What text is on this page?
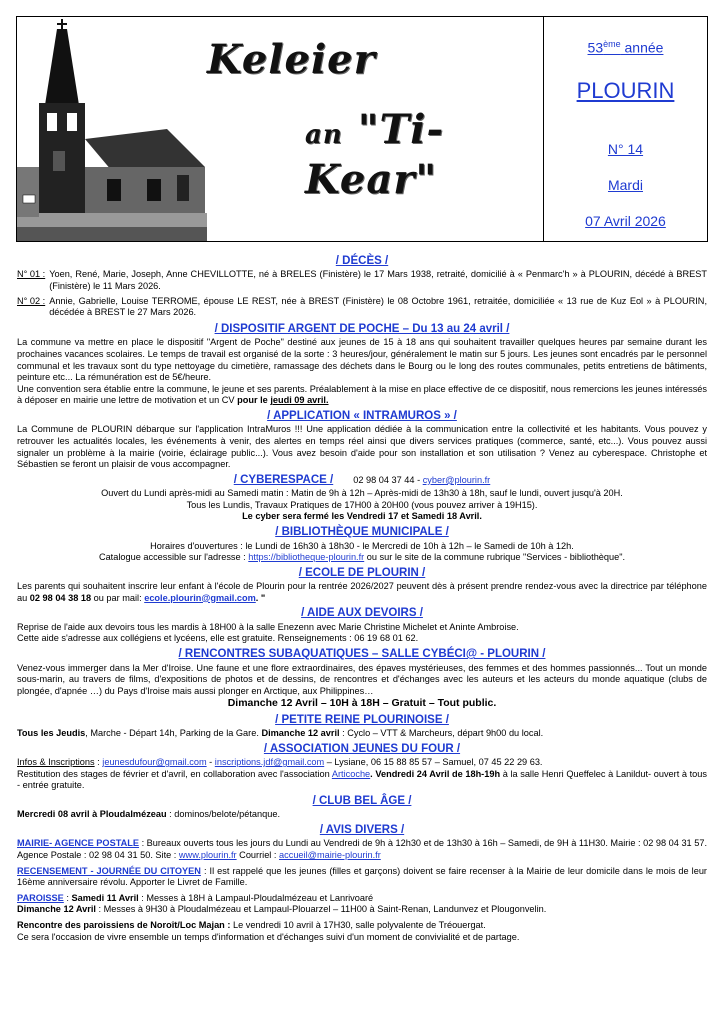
Keleier
an "Ti-Kear"
53ème année
PLOURIN
N° 14
Mardi
07 Avril 2026
/ DÉCÈS /
N° 01 : Yoen, René, Marie, Joseph, Anne CHEVILLOTTE, né à BRELES (Finistère) le 17 Mars 1938, retraité, domicilié à « Penmarc'h » à PLOURIN, décédé à BREST (Finistère) le 11 Mars 2026.
N° 02 : Annie, Gabrielle, Louise TERROME, épouse LE REST, née à BREST (Finistère) le 08 Octobre 1961, retraitée, domiciliée « 13 rue de Kuz Eol » à PLOURIN, décédée à BREST le 27 Mars 2026.
/ DISPOSITIF ARGENT DE POCHE – Du 13 au 24 avril /

La commune va mettre en place le dispositif "Argent de Poche" destiné aux jeunes de 15 à 18 ans qui souhaitent travailler quelques heures par semaine durant les prochaines vacances scolaires. Le temps de travail est organisé de la sorte : 3 heures/jour, généralement le matin sur 5 jours. Les jeunes sont encadrés par le personnel communal et les travaux sont du type nettoyage du cimetière, ramassage des déchets dans le Bourg ou le long des routes communales, petits entretiens de bâtiments, peinture etc... La rémunération est de 5€/heure.

Une convention sera établie entre la commune, le jeune et ses parents. Préalablement à la mise en place effective de ce dispositif, nous remercions les jeunes intéressés à déposer en mairie une lettre de motivation et un CV pour le jeudi 09 avril.

/ APPLICATION « INTRAMUROS » /

La Commune de PLOURIN débarque sur l'application IntraMuros !!! Une application dédiée à la communication entre la collectivité et les habitants. Vous pouvez y retrouver les actualités locales, les événements à venir, des alertes en temps réel ainsi que divers services pratiques (commerce, santé, etc...). Vous pouvez aussi signaler un problème à la mairie (voirie, éclairage public...). Vous avez besoin d'aide pour son installation et son utilisation ? Venez au cyberespace. Christophe et Sébastien se feront un plaisir de vous accompagner.

/ CYBERESPACE / 02 98 04 37 44 - cyber@plourin.fr

Ouvert du Lundi après-midi au Samedi matin : Matin de 9h à 12h – Après-midi de 13h30 à 18h, sauf le lundi, ouvert jusqu'à 20H.

Tous les Lundis, Travaux Pratiques de 17H00 à 20H00 (vous pouvez arriver à 19H15).

Le cyber sera fermé les Vendredi 17 et Samedi 18 Avril.

/ BIBLIOTHÈQUE MUNICIPALE /

Horaires d'ouvertures : le Lundi de 16h30 à 18h30 - le Mercredi de 10h à 12h – le Samedi de 10h à 12h.

Catalogue accessible sur l'adresse : https://bibliotheque-plourin.fr ou sur le site de la commune rubrique "Services - bibliothèque".

/ ECOLE DE PLOURIN /

Les parents qui souhaitent inscrire leur enfant à l'école de Plourin pour la rentrée 2026/2027 peuvent dès à présent prendre rendez-vous avec la directrice par téléphone au 02 98 04 38 18 ou par mail: ecole.plourin@gmail.com. "

/ AIDE AUX DEVOIRS /

Reprise de l'aide aux devoirs tous les mardis à 18H00 à la salle Enezenn avec Marie Christine Michelet et Aninte Ambroise.

Cette aide s'adresse aux collégiens et lycéens, elle est gratuite. Renseignements : 06 19 68 01 62.

/ RENCONTRES SUBAQUATIQUES – SALLE CYBÉCI@ - PLOURIN /

Venez-vous immerger dans la Mer d'Iroise. Une faune et une flore extraordinaires, des épaves mystérieuses, des femmes et des hommes passionnés... Tout un monde sous-marin, au travers de films, d'expositions de photos et de dessins, de rencontres et d'échanges avec les auteurs et les acteurs du monde aquatique (clubs de plongée, d'apnée …) du Pays d'Iroise mais aussi plonger en Arctique, aux Philippines…

Dimanche 12 Avril – 10H à 18H – Gratuit – Tout public.

/ PETITE REINE PLOURINOISE /

Tous les Jeudis, Marche - Départ 14h, Parking de la Gare. Dimanche 12 avril : Cyclo – VTT & Marcheurs, départ 9h00 du local.

/ ASSOCIATION JEUNES DU FOUR /

Infos & Inscriptions : jeunesdufour@gmail.com - inscriptions.jdf@gmail.com – Lysiane, 06 15 88 85 57 – Samuel, 07 45 22 29 63.

Restitution des stages de février et d'avril, en collaboration avec l'association Articoche. Vendredi 24 Avril de 18h-19h à la salle Henri Queffelec à Lanildut- ouvert à tous - entrée gratuite.

/ CLUB BEL ÂGE /

Mercredi 08 avril à Ploudalmézeau : dominos/belote/pétanque.

/ AVIS DIVERS /

MAIRIE- AGENCE POSTALE : Bureaux ouverts tous les jours du Lundi au Vendredi de 9h à 12h30 et de 13h30 à 16h – Samedi, de 9H à 11H30. Mairie : 02 98 04 31 57. Agence Postale : 02 98 04 31 50. Site : www.plourin.fr Courriel : accueil@mairie-plourin.fr

RECENSEMENT - JOURNÉE DU CITOYEN : Il est rappelé que les jeunes (filles et garçons) doivent se faire recenser à la Mairie de leur domicile dans le mois de leur 16ème anniversaire révolu. Apporter le Livret de Famille.

PAROISSE : Samedi 11 Avril : Messes à 18H à Lampaul-Ploudalmézeau et Lanrivoaré

Dimanche 12 Avril : Messes à 9H30 à Ploudalmézeau et Lampaul-Plouarzel – 11H00 à Saint-Renan, Landunvez et Plougonvelin.

Rencontre des paroissiens de Noroît/Loc Majan : Le vendredi 10 avril à 17H30, salle polyvalente de Tréouergat.

Ce sera l'occasion de vivre ensemble un temps d'information et d'échanges suivi d'un moment de convivialité et de partage.
